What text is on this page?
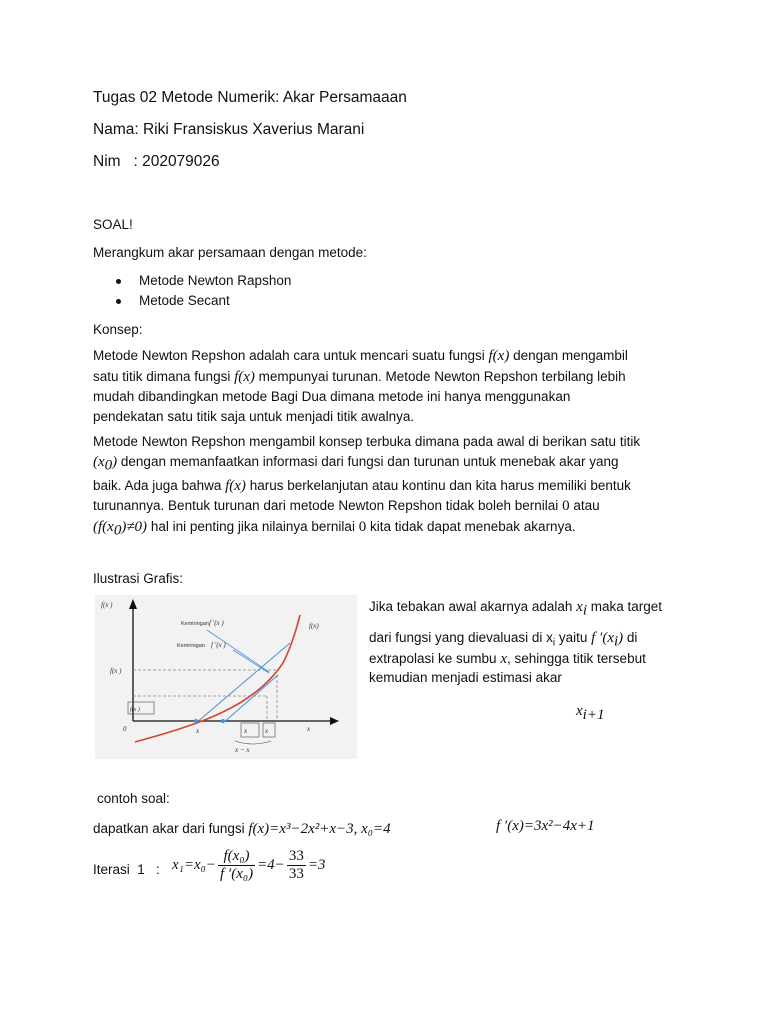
Tugas 02 Metode Numerik: Akar Persamaaan
Nama: Riki Fransiskus Xaverius Marani
Nim   : 202079026
SOAL!
Merangkum akar persamaan dengan metode:
Metode Newton Rapshon
Metode Secant
Konsep:
Metode Newton Repshon adalah cara untuk mencari suatu fungsi f(x) dengan mengambil
satu titik dimana fungsi f(x) mempunyai turunan. Metode Newton Repshon terbilang lebih
mudah dibandingkan metode Bagi Dua dimana metode ini hanya menggunakan
pendekatan satu titik saja untuk menjadi titik awalnya.
Metode Newton Repshon mengambil konsep terbuka dimana pada awal di berikan satu titik
$(x_0)$ dengan memanfaatkan informasi dari fungsi dan turunan untuk menebak akar yang
baik. Ada juga bahwa f(x) harus berkelanjutan atau kontinu dan kita harus memiliki bentuk
turunannya. Bentuk turunan dari metode Newton Repshon tidak boleh bernilai 0 atau
$(f(x_0)\ne 0)$ hal ini penting jika nilainya bernilai 0 kita tidak dapat menebak akarnya.
Ilustrasi Grafis:
f(x )
Kemiringan
Kemiringan
f ′(x )
f ′(x )
f(x)
f(x )
f(x )
0	x
x	x	x
x − x
Jika tebakan awal akarnya adalah $x_i$ maka target
dari fungsi yang dievaluasi di $x_i$ yaitu f $'(x_i)$ di
extrapolasi ke sumbu x, sehingga titik tersebut
kemudian menjadi estimasi akar
$x_{i+1}$
contoh soal:
dapatkan akar dari fungsi f(x)=x³−2x²+x−3, x₀=4	f ′(x)=3x²−4x+1
Iterasi  1   : $x_1=x_0- \frac{\text{f(x₀)}}{\text{f ′(x₀)}} =4- \frac{33}{33} =3$
